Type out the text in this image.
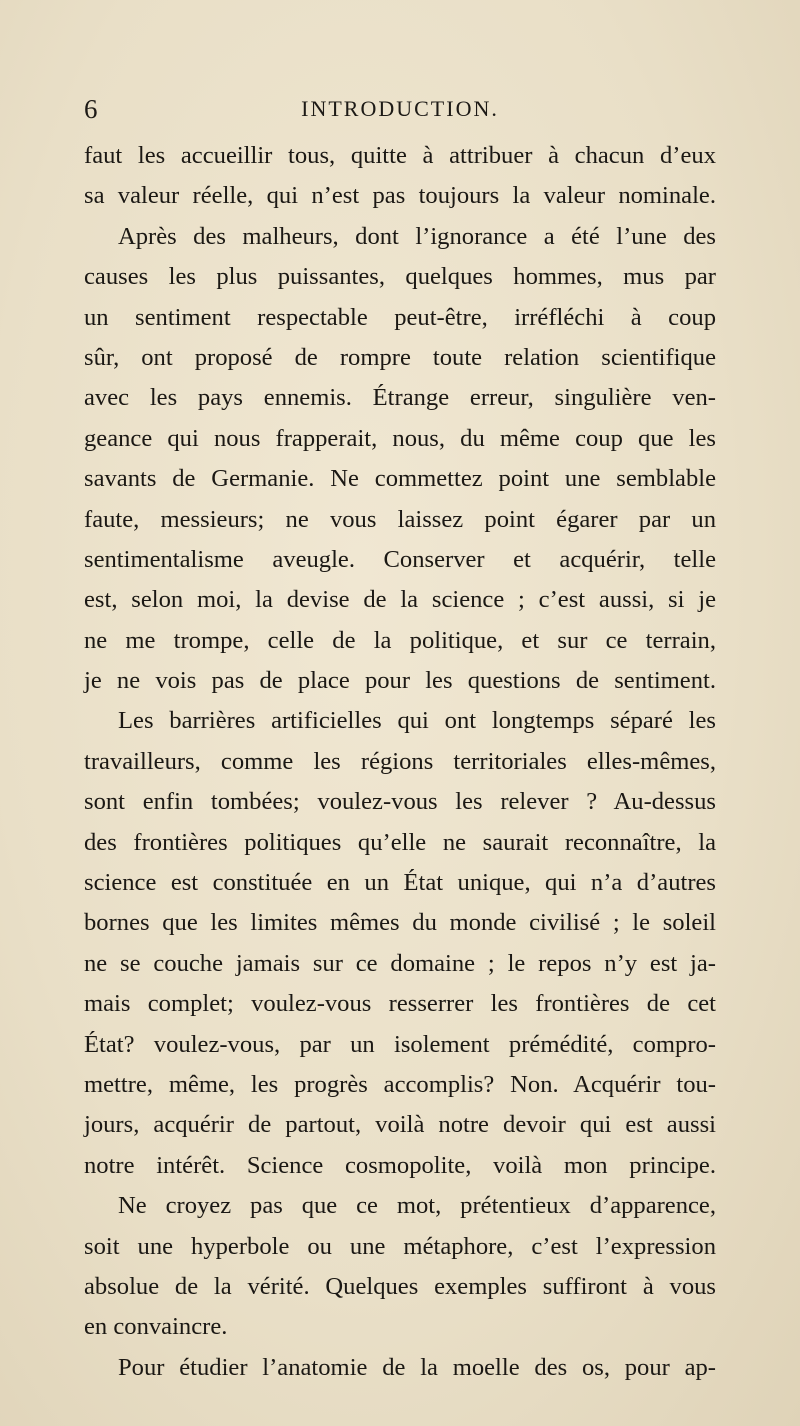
6	INTRODUCTION.
faut les accueillir tous, quitte à attribuer à chacun d’eux
sa valeur réelle, qui n’est pas toujours la valeur nominale.
Après des malheurs, dont l’ignorance a été l’une des
causes les plus puissantes, quelques hommes, mus par
un sentiment respectable peut-être, irréfléchi à coup
sûr, ont proposé de rompre toute relation scientifique
avec les pays ennemis. Étrange erreur, singulière ven-
geance qui nous frapperait, nous, du même coup que les
savants de Germanie. Ne commettez point une semblable
faute, messieurs; ne vous laissez point égarer par un
sentimentalisme aveugle. Conserver et acquérir, telle
est, selon moi, la devise de la science ; c’est aussi, si je
ne me trompe, celle de la politique, et sur ce terrain,
je ne vois pas de place pour les questions de sentiment.
Les barrières artificielles qui ont longtemps séparé les
travailleurs, comme les régions territoriales elles-mêmes,
sont enfin tombées; voulez-vous les relever ? Au-dessus
des frontières politiques qu’elle ne saurait reconnaître, la
science est constituée en un État unique, qui n’a d’autres
bornes que les limites mêmes du monde civilisé ; le soleil
ne se couche jamais sur ce domaine ; le repos n’y est ja-
mais complet; voulez-vous resserrer les frontières de cet
État? voulez-vous, par un isolement prémédité, compro-
mettre, même, les progrès accomplis? Non. Acquérir tou-
jours, acquérir de partout, voilà notre devoir qui est aussi
notre intérêt. Science cosmopolite, voilà mon principe.
Ne croyez pas que ce mot, prétentieux d’apparence,
soit une hyperbole ou une métaphore, c’est l’expression
absolue de la vérité. Quelques exemples suffiront à vous
en convaincre.
Pour étudier l’anatomie de la moelle des os, pour ap-
